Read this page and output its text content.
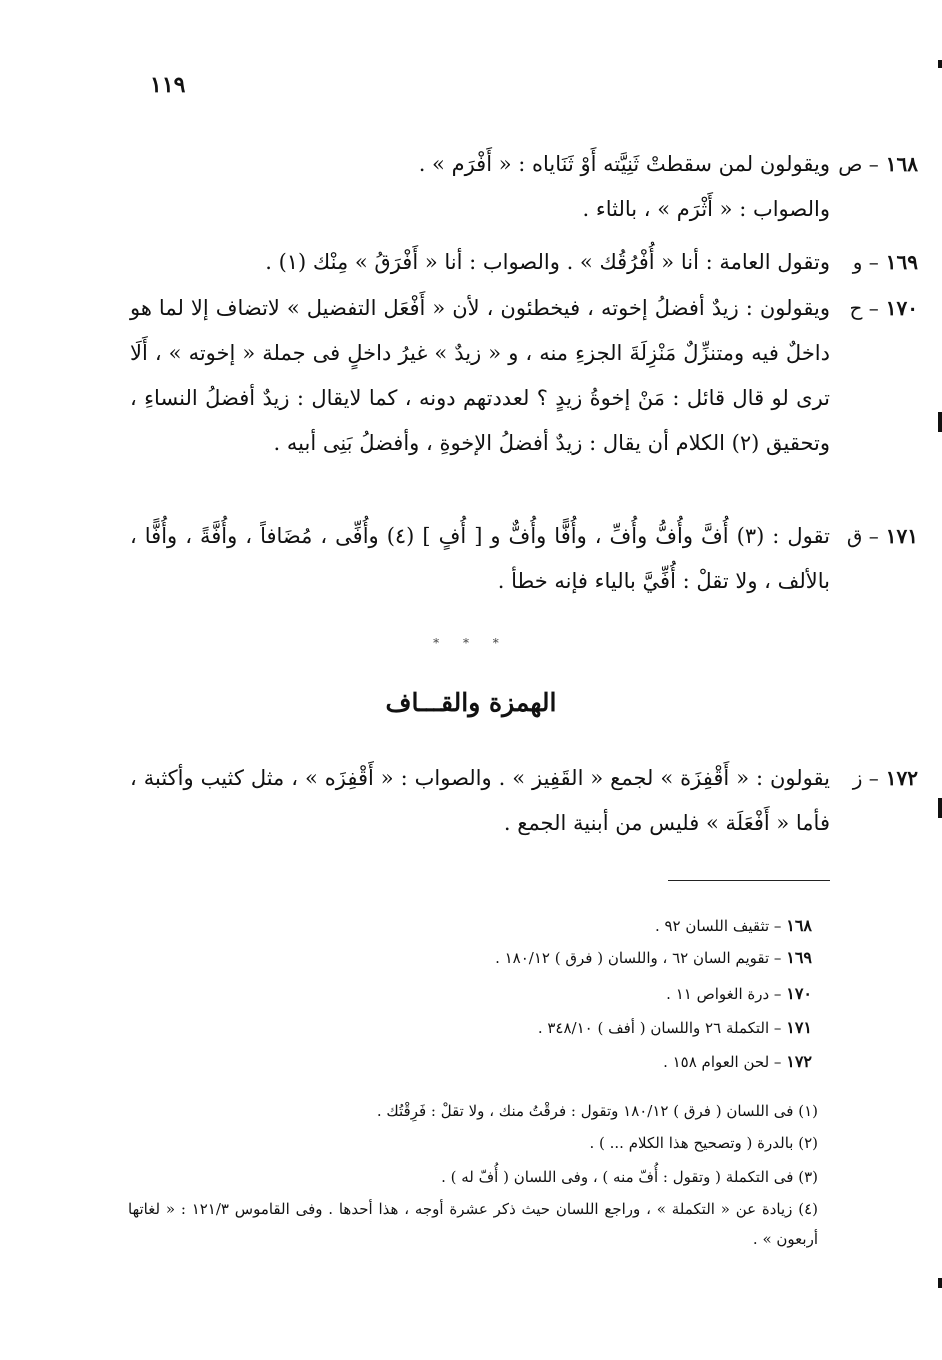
١١٩
١٦٨ – ص

ويقولون لمن سقطتْ ثَنِيَّته أَوْ ثَنَاياه : « أَفْرَم » .

والصواب : « أَثْرَم » ، بالثاء .

١٦٩ – و

وتقول العامة : أنا « أُفْرُقُك » . والصواب : أنا « أَفْرَقُ » مِنْك (١) .

١٧٠ – ح

ويقولون : زيدٌ أفضلُ إخوته ، فيخطئون ، لأن « أَفْعَل التفضيل » لاتضاف إلا لما هو داخلٌ فيه ومتنزِّلٌ مَنْزِلَةَ الجزءِ منه ، و « زيدٌ » غيرُ داخلٍ فى جملة « إخوته » ، أَلَا ترى لو قال قائل : مَنْ إخوةُ زيدٍ ؟ لعددتهم دونه ، كما لايقال : زيدٌ أفضلُ النساءِ ، وتحقيق (٢) الكلام أن يقال : زيدٌ أفضلُ الإخوةِ ، وأفضلُ بَنِى أبيه .

١٧١ – ق

تقول : (٣) أُفَّ وأُفُّ وأُفِّ ، وأُفًّا وأُفٌّ و [ أُفٍ ] (٤) وأُفِّى ، مُضَافاً ، وأُفَّةً ، وأُفًّا ، بالألف ، ولا تقلْ : أُفِّيَّ بالياء فإنه خطأ .

* * *
الهمزة والقـــاف
١٧٢ – ز

يقولون : « أَقْفِزَة » لجمع « القَفِيز » . والصواب : « أَقْفِزَه » ، مثل كثيب وأكثبة ، فأما « أَفْعَلَة » فليس من أبنية الجمع .

١٦٨ – تثقيف اللسان ٩٢ .
١٦٩ – تقويم السان ٦٢ ، واللسان ( فرق ) ١٨٠/١٢ .
١٧٠ – درة الغواص ١١ .
١٧١ – التكملة ٢٦ واللسان ( أفف ) ٣٤٨/١٠ .
١٧٢ – لحن العوام ١٥٨ .
(١) فى اللسان ( فرق ) ١٨٠/١٢ وتقول : فرقْتُ منك ، ولا تقلْ : فَرِقْتُك .
(٢) بالدرة ( وتصحيح هذا الكلام ... ) .
(٣) فى التكملة ( وتقول : أُفّ منه ) ، وفى اللسان ( أُفّ له ) .
(٤) زيادة عن « التكملة » ، وراجع اللسان حيث ذكر عشرة أوجه ، هذا أحدها . وفى القاموس ١٢١/٣ : « لغاتها أربعون » .
